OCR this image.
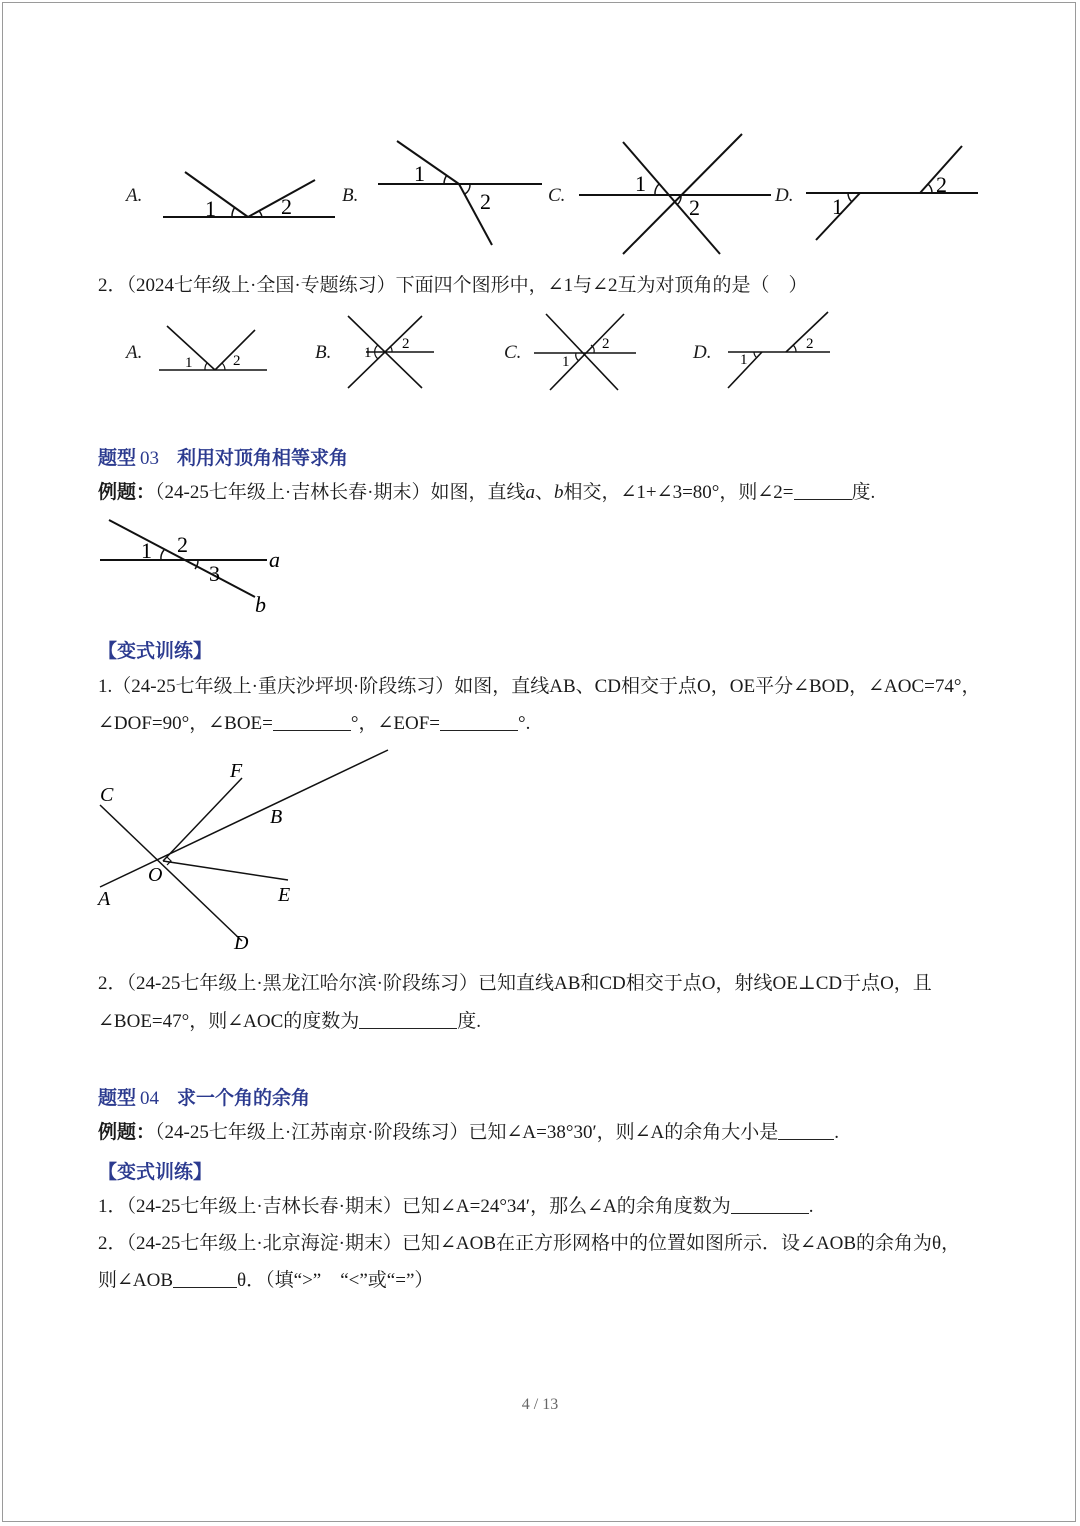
A.
1	2	B.
1
2	C.	1
2	D. 1
2
2．（2024七年级上·全国·专题练习）下面四个图形中，∠1与∠2互为对顶角的是（　）
A.	1	2	B. 1
2	C.	1
2	D. 1
2
题型 03 利用对顶角相等求角
例题：（24-25七年级上·吉林长春·期末）如图，直线a、b相交，∠1+∠3=80°，则∠2=	度.
1 2
3
a
b
【变式训练】
1.（24-25七年级上·重庆沙坪坝·阶段练习）如图，直线AB、CD相交于点O，OE平分∠BOD，∠AOC=74°，
∠DOF=90°，∠BOE=	°，∠EOF=	°.
C
F
B
O
A	E
D
2．（24-25七年级上·黑龙江哈尔滨·阶段练习）已知直线AB和CD相交于点O，射线OE⊥CD于点O，且
∠BOE=47°，则∠AOC的度数为	度.
题型 04 求一个角的余角
例题：（24-25七年级上·江苏南京·阶段练习）已知∠A=38°30′，则∠A的余角大小是	.
【变式训练】
1．（24-25七年级上·吉林长春·期末）已知∠A=24°34′，那么∠A的余角度数为	.
2．（24-25七年级上·北京海淀·期末）已知∠AOB在正方形网格中的位置如图所示．设∠AOB的余角为θ，
则∠AOB	θ．（填“>”　“<”或“=”）
4 / 13
